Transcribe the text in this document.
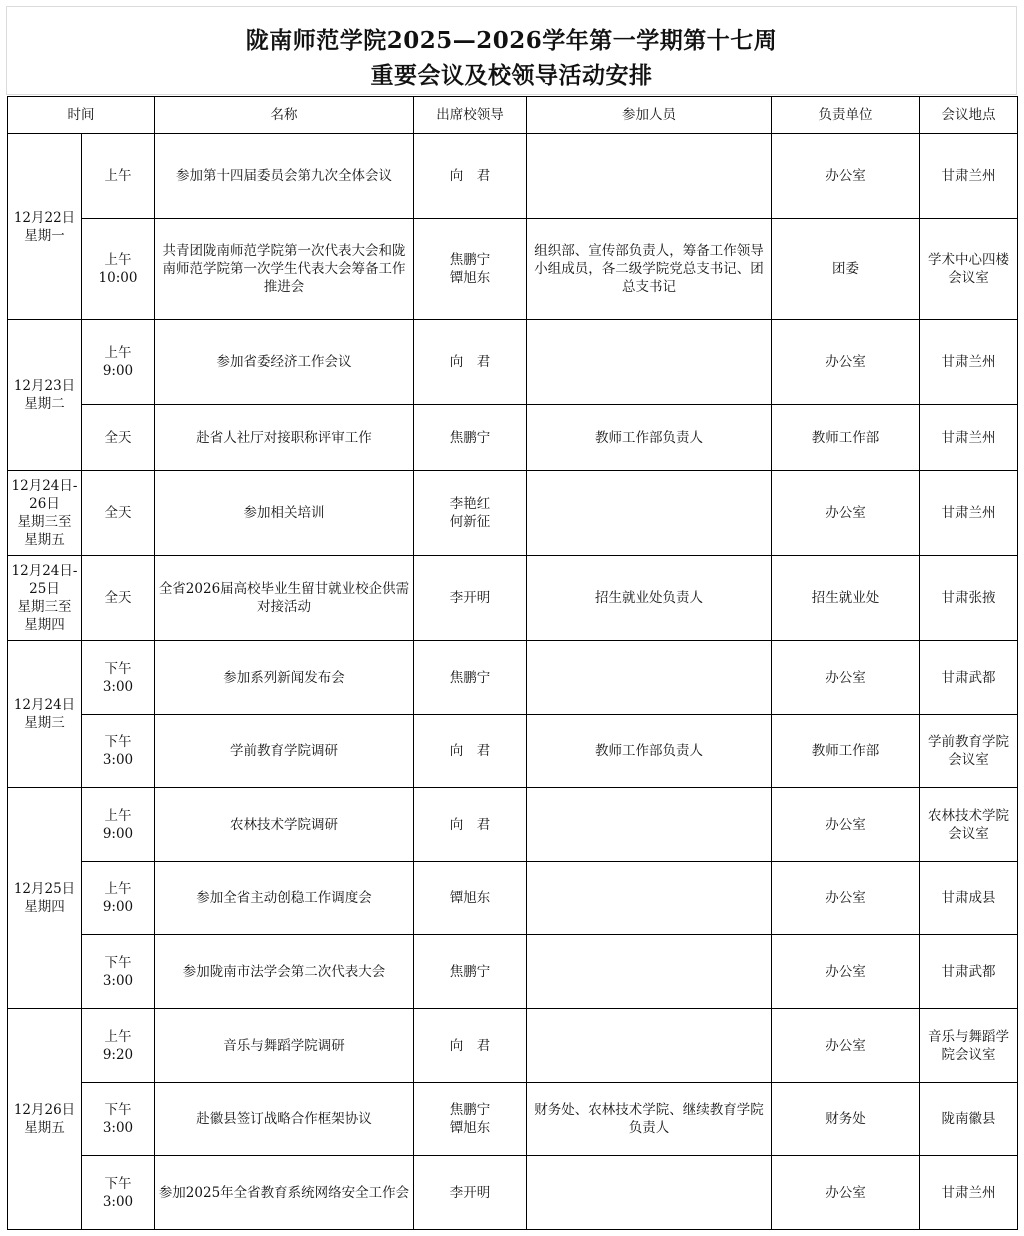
陇南师范学院2025—2026学年第一学期第十七周
重要会议及校领导活动安排
时间		名称	出席校领导	参加人员	负责单位	会议地点

12月22日
星期一	上午	参加第十四届委员会第九次全体会议	向　君		办公室	甘肃兰州

	上午
10:00	共青团陇南师范学院第一次代表大会和陇南师范学院第一次学生代表大会筹备工作推进会	焦鹏宁
镡旭东	组织部、宣传部负责人，筹备工作领导小组成员，各二级学院党总支书记、团总支书记	团委	学术中心四楼
会议室

12月23日
星期二	上午
9:00	参加省委经济工作会议	向　君		办公室	甘肃兰州

	全天	赴省人社厅对接职称评审工作	焦鹏宁	教师工作部负责人	教师工作部	甘肃兰州

12月24日-
26日
星期三至
星期五	全天	参加相关培训	李艳红
何新征		办公室	甘肃兰州

12月24日-
25日
星期三至
星期四	全天	全省2026届高校毕业生留甘就业校企供需对接活动	李开明	招生就业处负责人	招生就业处	甘肃张掖

12月24日
星期三	下午
3:00	参加系列新闻发布会	焦鹏宁		办公室	甘肃武都

	下午
3:00	学前教育学院调研	向　君	教师工作部负责人	教师工作部	学前教育学院
会议室

12月25日
星期四	上午
9:00	农林技术学院调研	向　君		办公室	农林技术学院
会议室

	上午
9:00	参加全省主动创稳工作调度会	镡旭东		办公室	甘肃成县

	下午
3:00	参加陇南市法学会第二次代表大会	焦鹏宁		办公室	甘肃武都

12月26日
星期五	上午
9:20	音乐与舞蹈学院调研	向　君		办公室	音乐与舞蹈学
院会议室

	下午
3:00	赴徽县签订战略合作框架协议	焦鹏宁
镡旭东	财务处、农林技术学院、继续教育学院负责人	财务处	陇南徽县

	下午
3:00	参加2025年全省教育系统网络安全工作会	李开明		办公室	甘肃兰州
